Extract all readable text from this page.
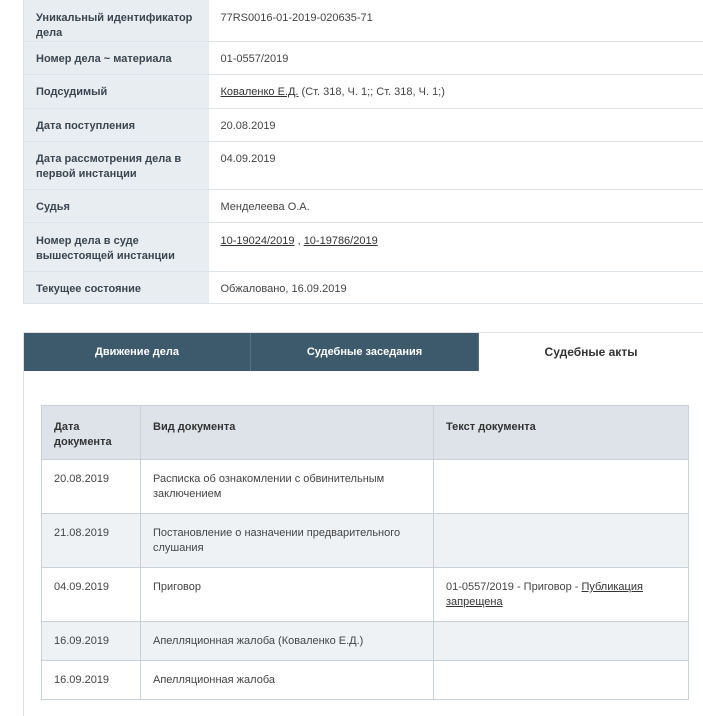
Уникальный идентификатор дела	77RS0016-01-2019-020635-71
Номер дела ~ материала	01-0557/2019
Подсудимый	Коваленко Е.Д. (Ст. 318, Ч. 1;; Ст. 318, Ч. 1;)
Дата поступления	20.08.2019
Дата рассмотрения дела в первой инстанции	04.09.2019
Судья	Менделеева О.А.
Номер дела в суде вышестоящей инстанции	10-19024/2019 , 10-19786/2019
Текущее состояние	Обжаловано, 16.09.2019
Движение дела	Судебные заседания	Судебные акты
Дата документа	Вид документа	Текст документа
20.08.2019	Расписка об ознакомлении с обвинительным заключением	
21.08.2019	Постановление о назначении предварительного слушания	
04.09.2019	Приговор	01-0557/2019 - Приговор - Публикация запрещена
16.09.2019	Апелляционная жалоба (Коваленко Е.Д.)	
16.09.2019	Апелляционная жалоба	
